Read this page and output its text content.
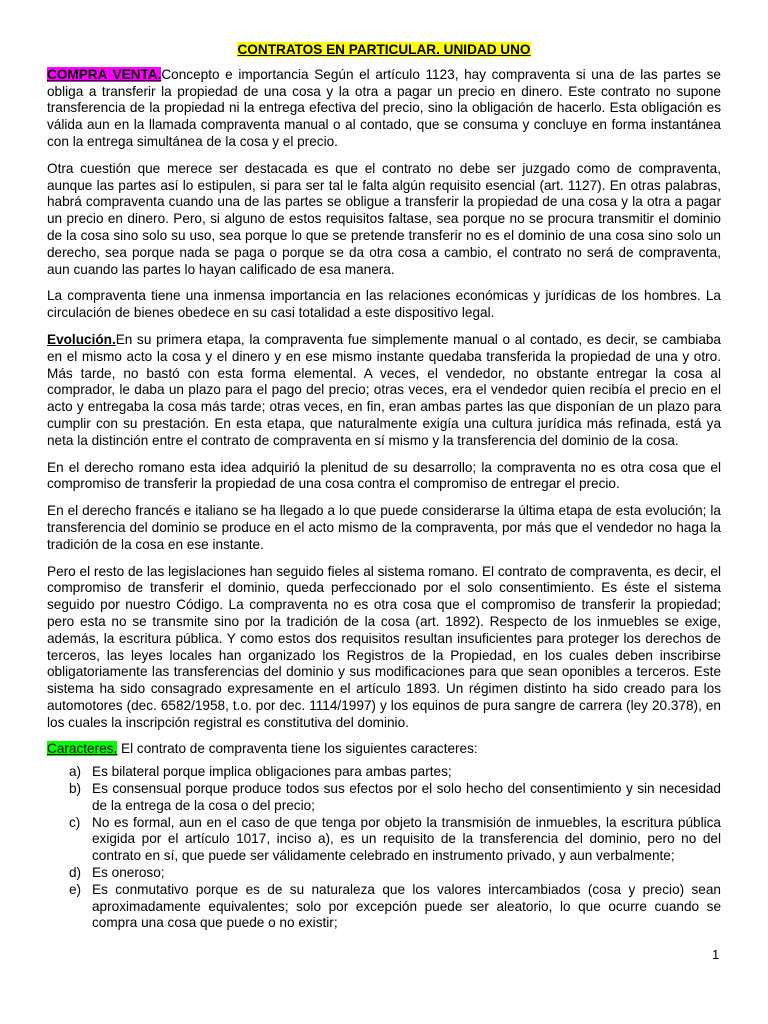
CONTRATOS EN PARTICULAR. UNIDAD UNO

COMPRA VENTA.Concepto e importancia Según el artículo 1123, hay compraventa si una de las partes se obliga a transferir la propiedad de una cosa y la otra a pagar un precio en dinero. Este contrato no supone transferencia de la propiedad ni la entrega efectiva del precio, sino la obligación de hacerlo. Esta obligación es válida aun en la llamada compraventa manual o al contado, que se consuma y concluye en forma instantánea con la entrega simultánea de la cosa y el precio.

Otra cuestión que merece ser destacada es que el contrato no debe ser juzgado como de compraventa, aunque las partes así lo estipulen, si para ser tal le falta algún requisito esencial (art. 1127). En otras palabras, habrá compraventa cuando una de las partes se obligue a transferir la propiedad de una cosa y la otra a pagar un precio en dinero. Pero, si alguno de estos requisitos faltase, sea porque no se procura transmitir el dominio de la cosa sino solo su uso, sea porque lo que se pretende transferir no es el dominio de una cosa sino solo un derecho, sea porque nada se paga o porque se da otra cosa a cambio, el contrato no será de compraventa, aun cuando las partes lo hayan calificado de esa manera.

La compraventa tiene una inmensa importancia en las relaciones económicas y jurídicas de los hombres. La circulación de bienes obedece en su casi totalidad a este dispositivo legal.

Evolución.En su primera etapa, la compraventa fue simplemente manual o al contado, es decir, se cambiaba en el mismo acto la cosa y el dinero y en ese mismo instante quedaba transferida la propiedad de una y otro. Más tarde, no bastó con esta forma elemental. A veces, el vendedor, no obstante entregar la cosa al comprador, le daba un plazo para el pago del precio; otras veces, era el vendedor quien recibía el precio en el acto y entregaba la cosa más tarde; otras veces, en fin, eran ambas partes las que disponían de un plazo para cumplir con su prestación. En esta etapa, que naturalmente exigía una cultura jurídica más refinada, está ya neta la distinción entre el contrato de compraventa en sí mismo y la transferencia del dominio de la cosa.

En el derecho romano esta idea adquirió la plenitud de su desarrollo; la compraventa no es otra cosa que el compromiso de transferir la propiedad de una cosa contra el compromiso de entregar el precio.

En el derecho francés e italiano se ha llegado a lo que puede considerarse la última etapa de esta evolución; la transferencia del dominio se produce en el acto mismo de la compraventa, por más que el vendedor no haga la tradición de la cosa en ese instante.

Pero el resto de las legislaciones han seguido fieles al sistema romano. El contrato de compraventa, es decir, el compromiso de transferir el dominio, queda perfeccionado por el solo consentimiento. Es éste el sistema seguido por nuestro Código. La compraventa no es otra cosa que el compromiso de transferir la propiedad; pero esta no se transmite sino por la tradición de la cosa (art. 1892). Respecto de los inmuebles se exige, además, la escritura pública. Y como estos dos requisitos resultan insuficientes para proteger los derechos de terceros, las leyes locales han organizado los Registros de la Propiedad, en los cuales deben inscribirse obligatoriamente las transferencias del dominio y sus modificaciones para que sean oponibles a terceros. Este sistema ha sido consagrado expresamente en el artículo 1893. Un régimen distinto ha sido creado para los automotores (dec. 6582/1958, t.o. por dec. 1114/1997) y los equinos de pura sangre de carrera (ley 20.378), en los cuales la inscripción registral es constitutiva del dominio.

Caracteres. El contrato de compraventa tiene los siguientes caracteres:

a) Es bilateral porque implica obligaciones para ambas partes;
b) Es consensual porque produce todos sus efectos por el solo hecho del consentimiento y sin necesidad de la entrega de la cosa o del precio;
c) No es formal, aun en el caso de que tenga por objeto la transmisión de inmuebles, la escritura pública exigida por el artículo 1017, inciso a), es un requisito de la transferencia del dominio, pero no del contrato en sí, que puede ser válidamente celebrado en instrumento privado, y aun verbalmente;
d) Es oneroso;
e) Es conmutativo porque es de su naturaleza que los valores intercambiados (cosa y precio) sean aproximadamente equivalentes; solo por excepción puede ser aleatorio, lo que ocurre cuando se compra una cosa que puede o no existir;
1
